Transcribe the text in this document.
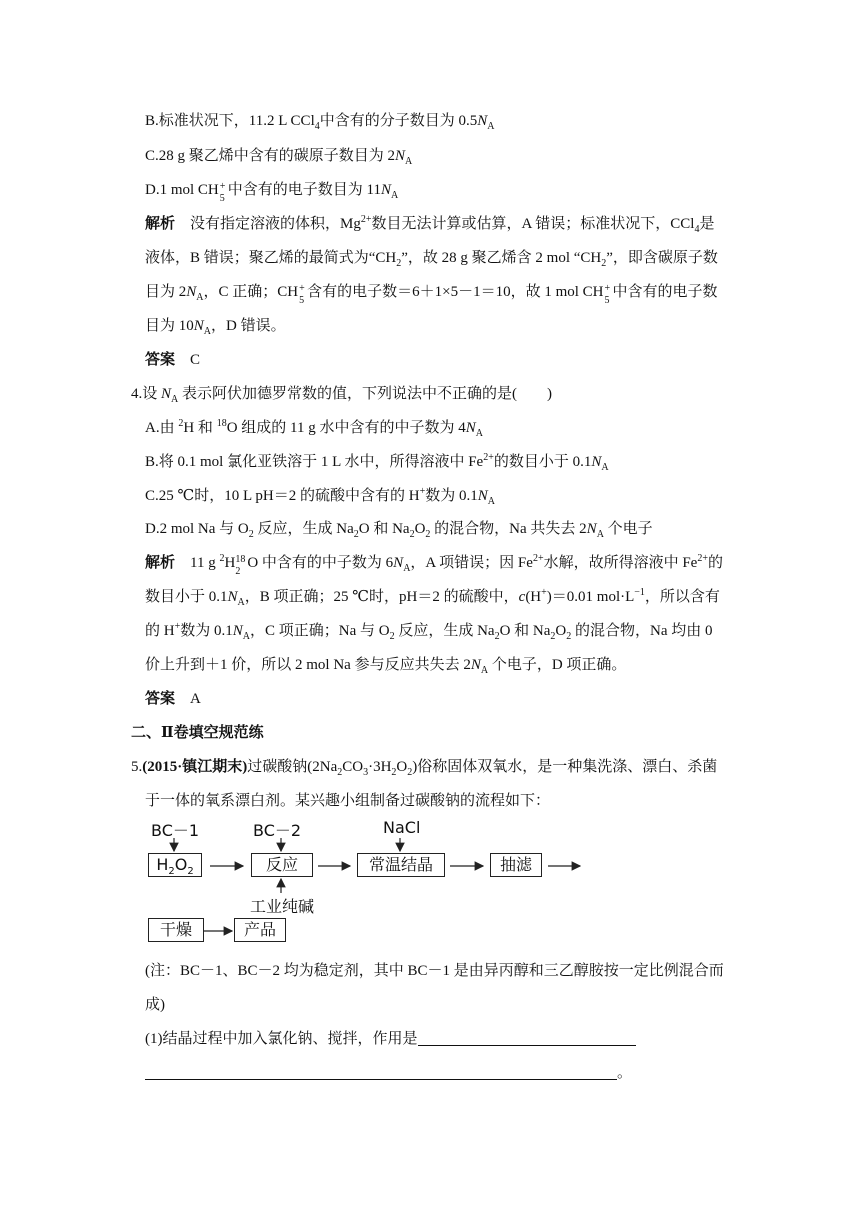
B.标准状况下，11.2 L CCl$_4$中含有的分子数目为 $0.5N_A$
C.28 g 聚乙烯中含有的碳原子数目为 $2N_A$
D.1 mol CH +
5
中含有的电子数目为 $11N_A$
解析　 没有指定溶液的体积，$Mg^{2+}$数目无法计算或估算，A 错误；标准状况下，CCl$_4$是
液体，B 错误；聚乙烯的最简式为“$CH_2$”，故 28 g 聚乙烯含 2 mol “$CH_2$”，即含碳原子数
目为 $2N_A$，C 正确；CH +
5
含有的电子数＝6＋1×5－1＝10，故 1 mol CH +
5
中含有的电子数
目为 $10N_A$，D 错误。
答案　 C
4.设 $N_A$ 表示阿伏加德罗常数的值，下列说法中不正确的是(　　)
A.由 $^2$H 和 $^{18}$O 组成的 11 g 水中含有的中子数为 $4N_A$
B.将 0.1 mol 氯化亚铁溶于 1 L 水中，所得溶液中 $Fe^{2+}$的数目小于 $0.1N_A$
C.25 ℃时，10 L pH＝2 的硫酸中含有的 H+数为 $0.1N_A$
D.2 mol Na 与 $O_2$ 反应，生成 $Na_2O$ 和 $Na_2O_2$ 的混合物，Na 共失去 $2N_A$ 个电子
解析　 11 g $^2$H 18
2
O 中含有的中子数为 $6N_A$，A 项错误；因 $Fe^{2+}$水解，故所得溶液中 $Fe^{2+}$的
数目小于 $0.1N_A$，B 项正确；25 ℃时，pH＝2 的硫酸中，c(H+)＝0.01 $mol\cdot L^{-1}$，所以含有
的 H+数为 $0.1N_A$，C 项正确；Na 与 $O_2$ 反应，生成 $Na_2O$ 和 $Na_2O_2$ 的混合物，Na 均由 0
价上升到＋1 价，所以 2 mol Na 参与反应共失去 $2N_A$ 个电子，D 项正确。
答案　 A
二、Ⅱ卷填空规范练
5.(2015·镇江期末)过碳酸钠$(2Na_2CO_3\cdot 3H_2O_2)$俗称固体双氧水，是一种集洗涤、漂白、杀菌
于一体的氧系漂白剂。某兴趣小组制备过碳酸钠的流程如下：
BC－1	BC－2	NaCl
$H_2O_2$	反应	常温结晶	抽滤
工业纯碱
干燥	产品
(注：BC－1、BC－2 均为稳定剂，其中 BC－1 是由异丙醇和三乙醇胺按一定比例混合而
成)
(1)结晶过程中加入氯化钠、搅拌，作用是
。
